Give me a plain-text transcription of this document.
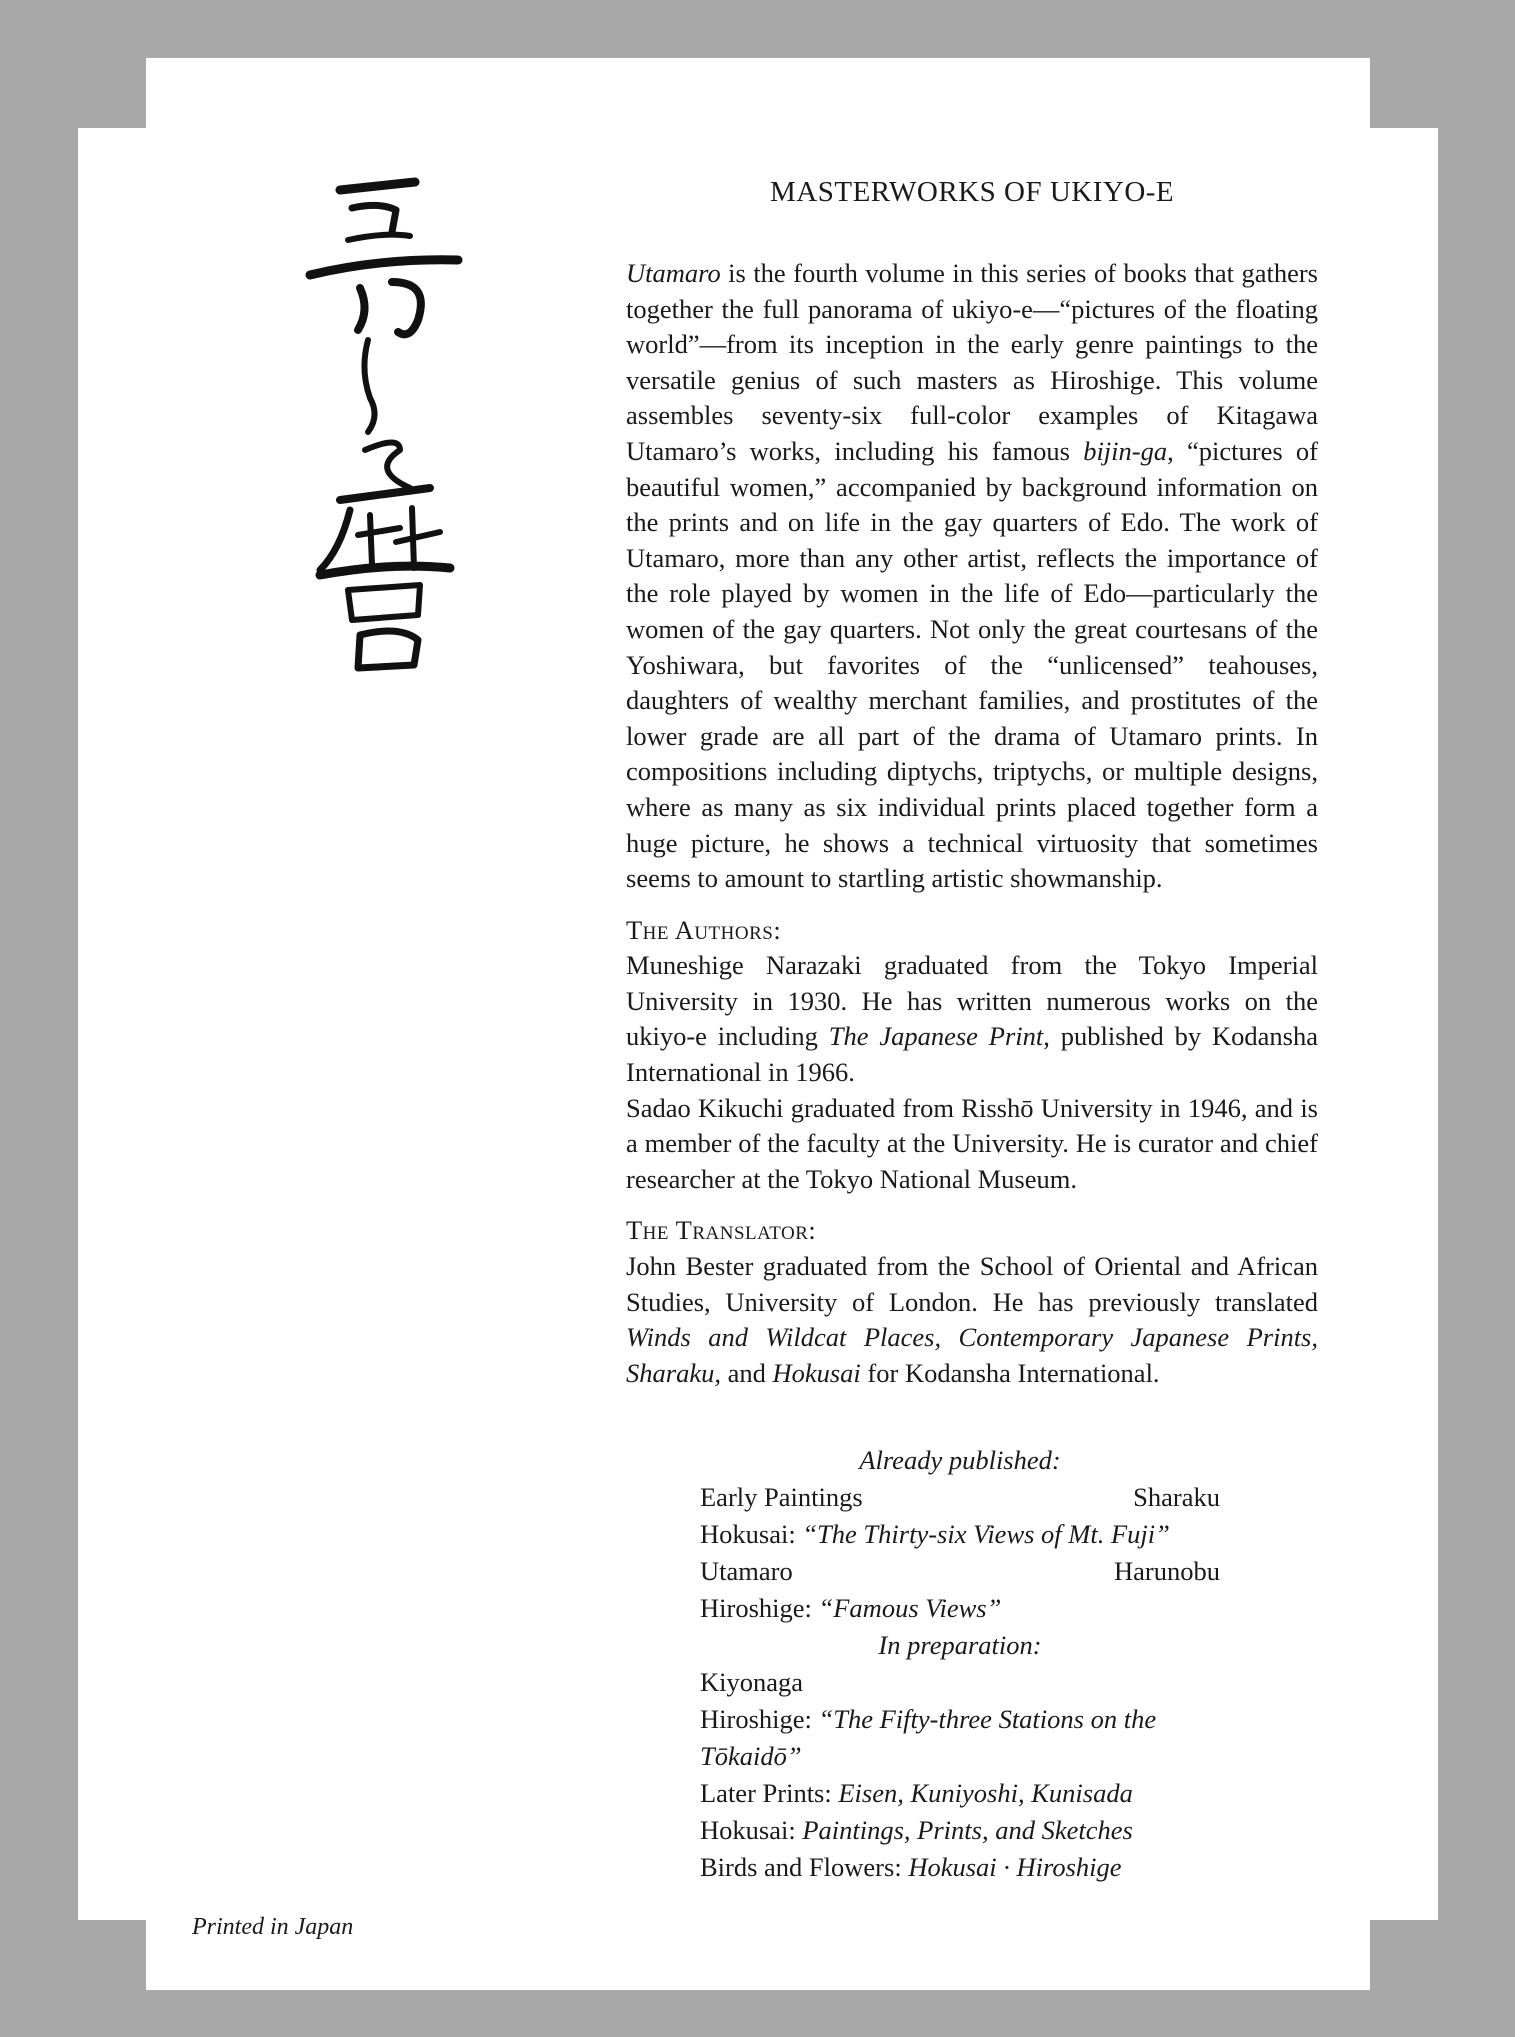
MASTERWORKS OF UKIYO-E

Utamaro is the fourth volume in this series of books that gathers together the full panorama of ukiyo-e—“pictures of the floating world”—from its inception in the early genre paintings to the versatile genius of such masters as Hiroshige. This volume assembles seventy-six full-color examples of Kitagawa Utamaro’s works, including his famous bijin-ga, “pictures of beautiful women,” accompanied by background information on the prints and on life in the gay quarters of Edo. The work of Utamaro, more than any other artist, reflects the importance of the role played by women in the life of Edo—particularly the women of the gay quarters. Not only the great courtesans of the Yoshiwara, but favorites of the “unlicensed” teahouses, daughters of wealthy merchant families, and prostitutes of the lower grade are all part of the drama of Utamaro prints. In compositions including diptychs, triptychs, or multiple designs, where as many as six individual prints placed together form a huge picture, he shows a technical virtuosity that sometimes seems to amount to startling artistic showmanship.

The Authors:

Muneshige Narazaki graduated from the Tokyo Imperial University in 1930. He has written numerous works on the ukiyo-e including The Japanese Print, published by Kodansha International in 1966.

Sadao Kikuchi graduated from Risshō University in 1946, and is a member of the faculty at the University. He is curator and chief researcher at the Tokyo National Museum.

The Translator:

John Bester graduated from the School of Oriental and African Studies, University of London. He has previously translated Winds and Wildcat Places, Contemporary Japanese Prints, Sharaku, and Hokusai for Kodansha International.

Already published:
Early Paintings	Sharaku
Hokusai: “The Thirty-six Views of Mt. Fuji”
Utamaro	Harunobu
Hiroshige: “Famous Views”
In preparation:
Kiyonaga
Hiroshige: “The Fifty-three Stations on the Tōkaidō”
Later Prints: Eisen, Kuniyoshi, Kunisada
Hokusai: Paintings, Prints, and Sketches
Birds and Flowers: Hokusai · Hiroshige
Printed in Japan
